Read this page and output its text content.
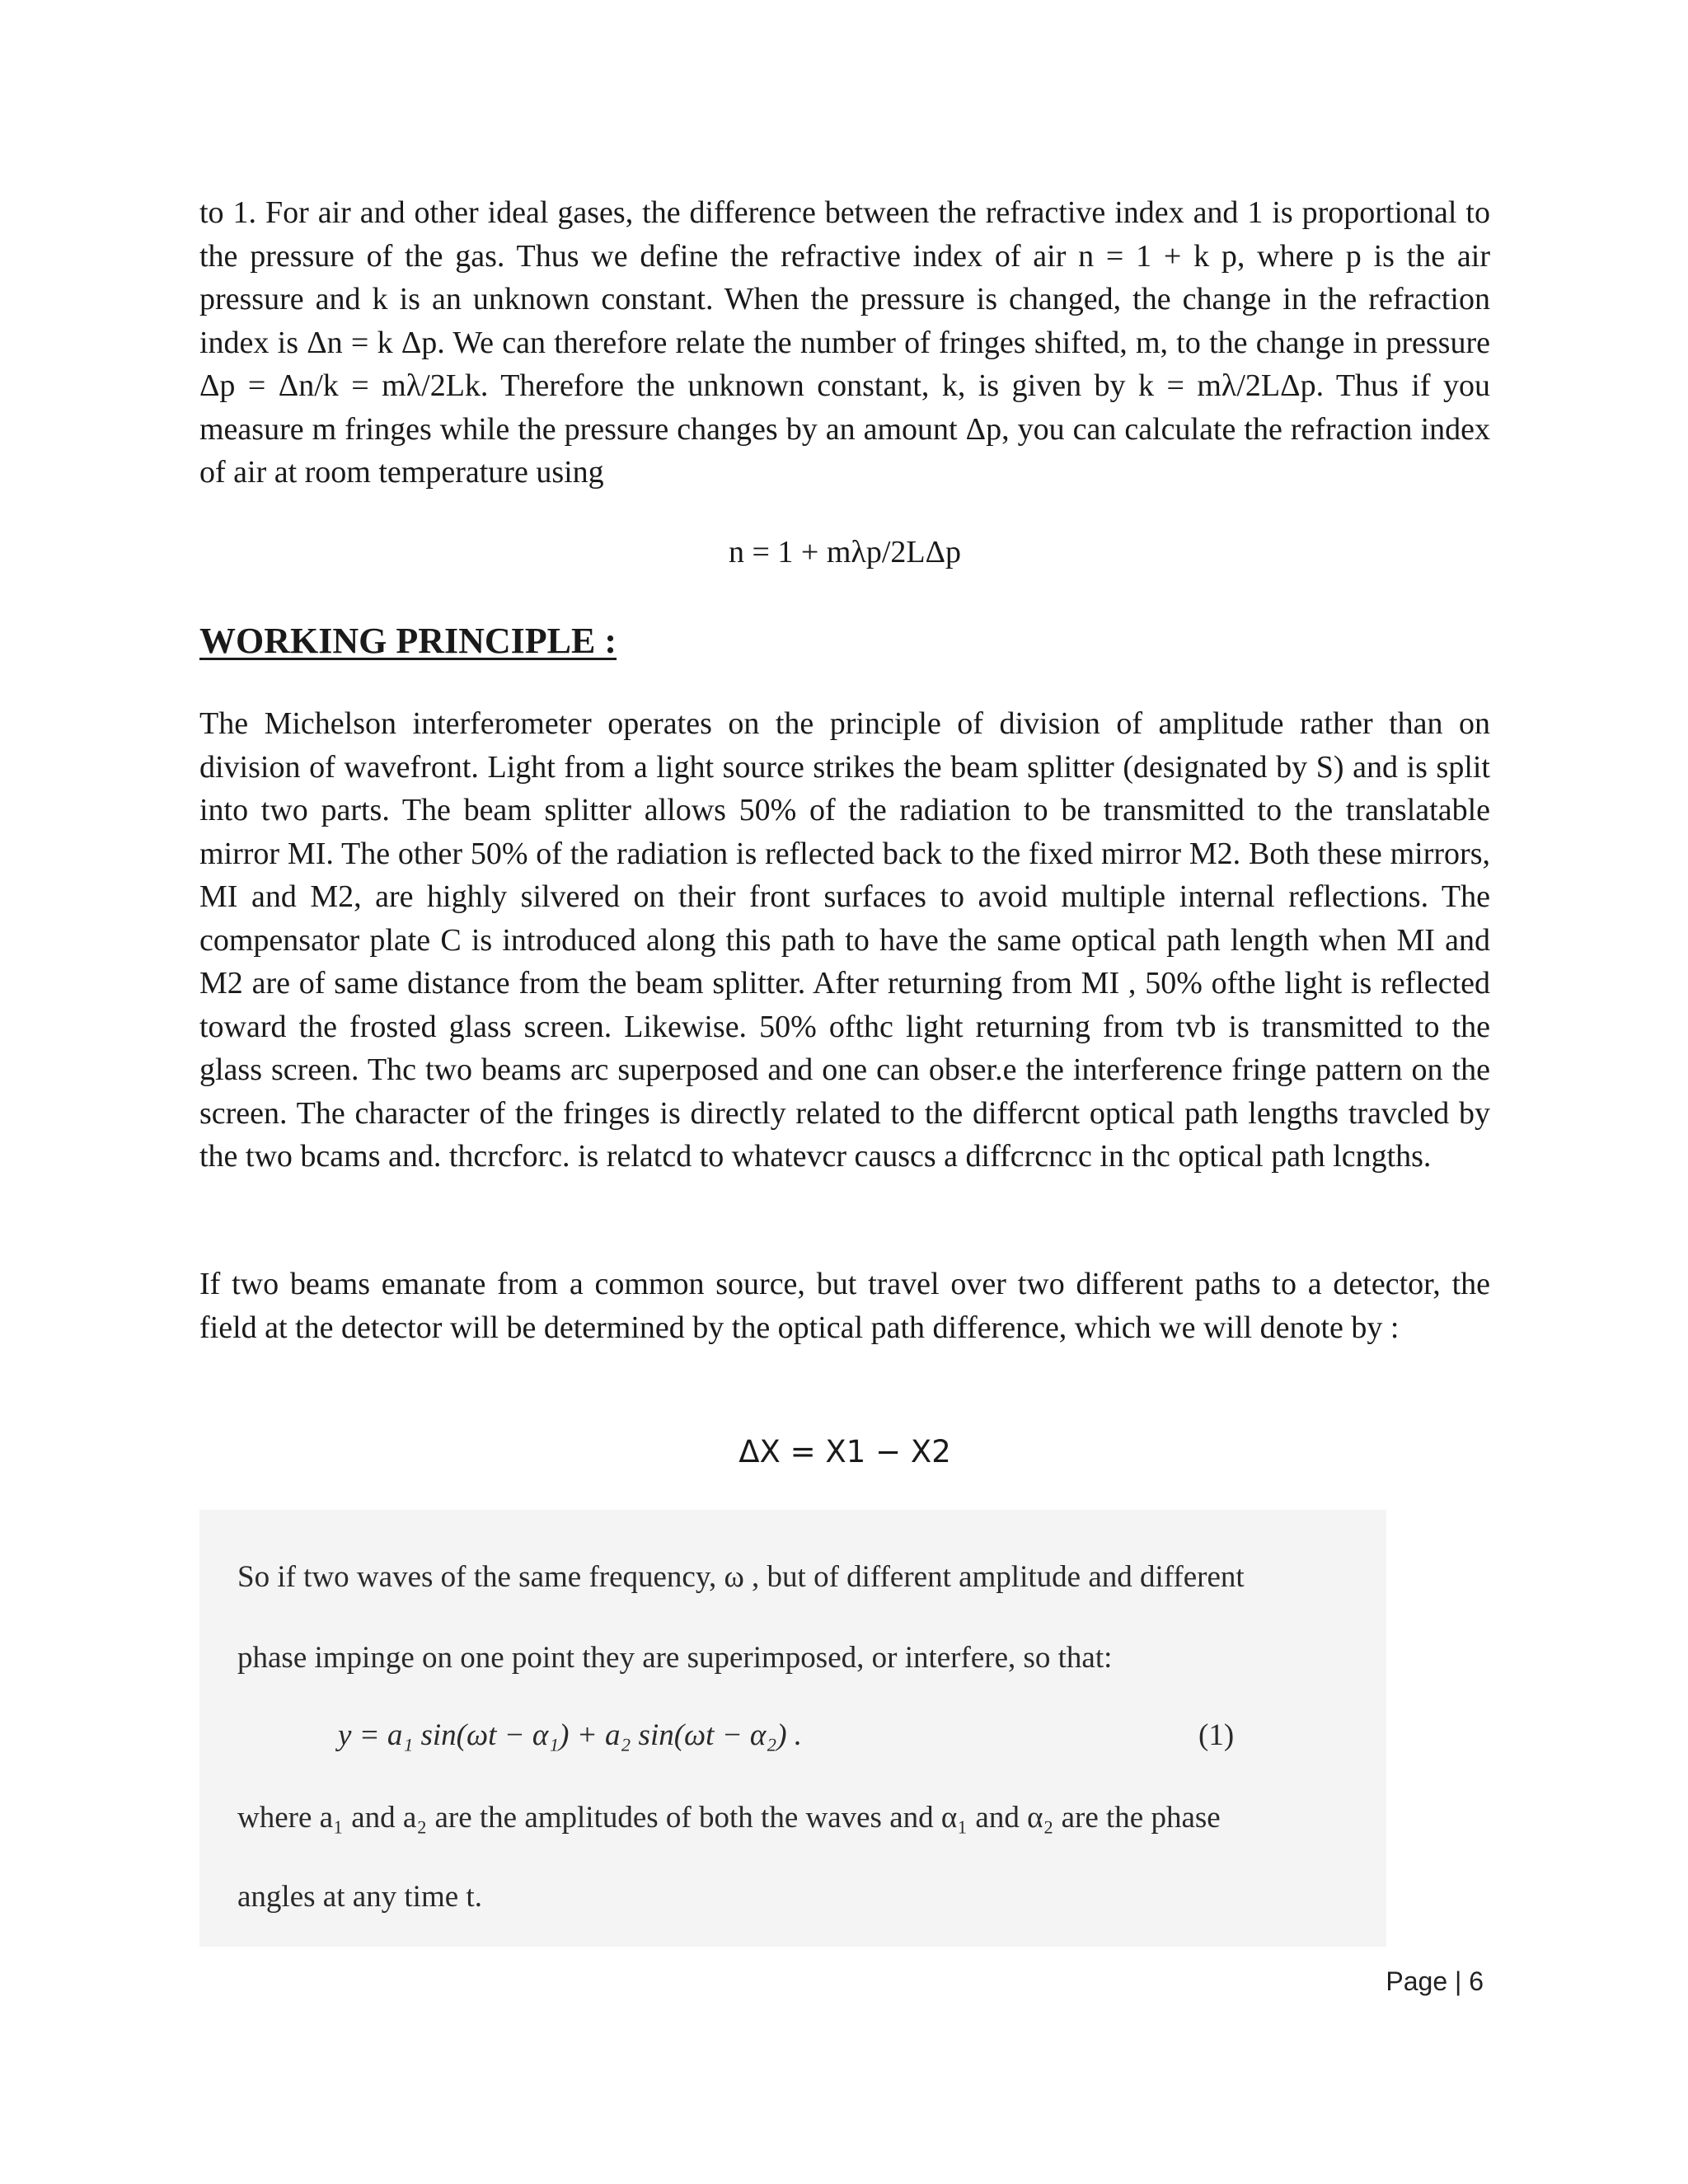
to 1. For air and other ideal gases, the difference between the refractive index and 1 is proportional to the pressure of the gas. Thus we define the refractive index of air n = 1 + k p, where p is the air pressure and k is an unknown constant. When the pressure is changed, the change in the refraction index is Δn = k Δp. We can therefore relate the number of fringes shifted, m, to the change in pressure Δp = Δn/k = mλ/2Lk. Therefore the unknown constant, k, is given by k = mλ/2LΔp. Thus if you measure m fringes while the pressure changes by an amount Δp, you can calculate the refraction index of air at room temperature using

n = 1 + mλp/2LΔp

WORKING PRINCIPLE :

The Michelson interferometer operates on the principle of division of amplitude rather than on division of wavefront. Light from a light source strikes the beam splitter (designated by S) and is split into two parts. The beam splitter allows 50% of the radiation to be transmitted to the translatable mirror MI. The other 50% of the radiation is reflected back to the fixed mirror M2. Both these mirrors, MI and M2, are highly silvered on their front surfaces to avoid multiple internal reflections. The compensator plate C is introduced along this path to have the same optical path length when MI and M2 are of same distance from the beam splitter. After returning from MI , 50% ofthe light is reflected toward the frosted glass screen. Likewise. 50% ofthc light returning from tvb is transmitted to the glass screen. Thc two beams arc superposed and one can obser.e the interference fringe pattern on the screen. The character of the fringes is directly related to the differcnt optical path lengths travcled by the two bcams and. thcrcforc. is relatcd to whatevcr causcs a diffcrcncc in thc optical path lcngths.

If two beams emanate from a common source, but travel over two different paths to a detector, the field at the detector will be determined by the optical path difference, which we will denote by :

ΔX = X1 − X2

So if two waves of the same frequency, ω , but of different amplitude and different

phase impinge on one point they are superimposed, or interfere, so that:

y = a₁ sin(ωt − α₁) + a₂ sin(ωt − α₂) .	(1)

where a₁ and a₂ are the amplitudes of both the waves and α₁ and α₂ are the phase

angles at any time t.

Page | 6
